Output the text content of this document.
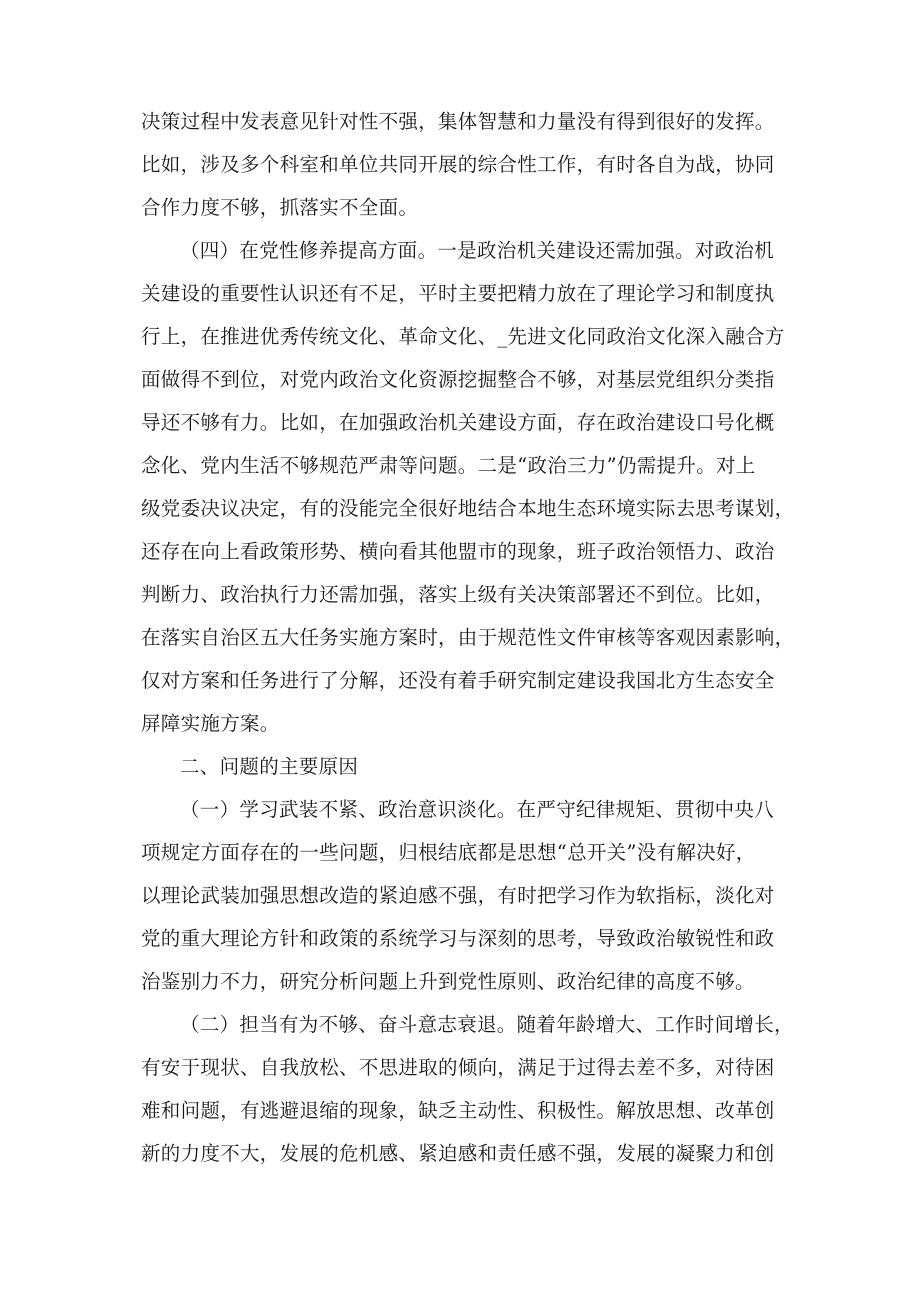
决策过程中发表意见针对性不强，集体智慧和力量没有得到很好的发挥。
比如，涉及多个科室和单位共同开展的综合性工作，有时各自为战，协同
合作力度不够，抓落实不全面。
（四）在党性修养提高方面。一是政治机关建设还需加强。对政治机
关建设的重要性认识还有不足，平时主要把精力放在了理论学习和制度执
行上，在推进优秀传统文化、革命文化、_先进文化同政治文化深入融合方
面做得不到位，对党内政治文化资源挖掘整合不够，对基层党组织分类指
导还不够有力。比如，在加强政治机关建设方面，存在政治建设口号化概
念化、党内生活不够规范严肃等问题。二是“政治三力”仍需提升。对上
级党委决议决定，有的没能完全很好地结合本地生态环境实际去思考谋划，
还存在向上看政策形势、横向看其他盟市的现象，班子政治领悟力、政治
判断力、政治执行力还需加强，落实上级有关决策部署还不到位。比如，
在落实自治区五大任务实施方案时，由于规范性文件审核等客观因素影响，
仅对方案和任务进行了分解，还没有着手研究制定建设我国北方生态安全
屏障实施方案。
二、问题的主要原因
（一）学习武装不紧、政治意识淡化。在严守纪律规矩、贯彻中央八
项规定方面存在的一些问题，归根结底都是思想“总开关”没有解决好，
以理论武装加强思想改造的紧迫感不强，有时把学习作为软指标，淡化对
党的重大理论方针和政策的系统学习与深刻的思考，导致政治敏锐性和政
治鉴别力不力，研究分析问题上升到党性原则、政治纪律的高度不够。
（二）担当有为不够、奋斗意志衰退。随着年龄增大、工作时间增长，
有安于现状、自我放松、不思进取的倾向，满足于过得去差不多，对待困
难和问题，有逃避退缩的现象，缺乏主动性、积极性。解放思想、改革创
新的力度不大，发展的危机感、紧迫感和责任感不强，发展的凝聚力和创
